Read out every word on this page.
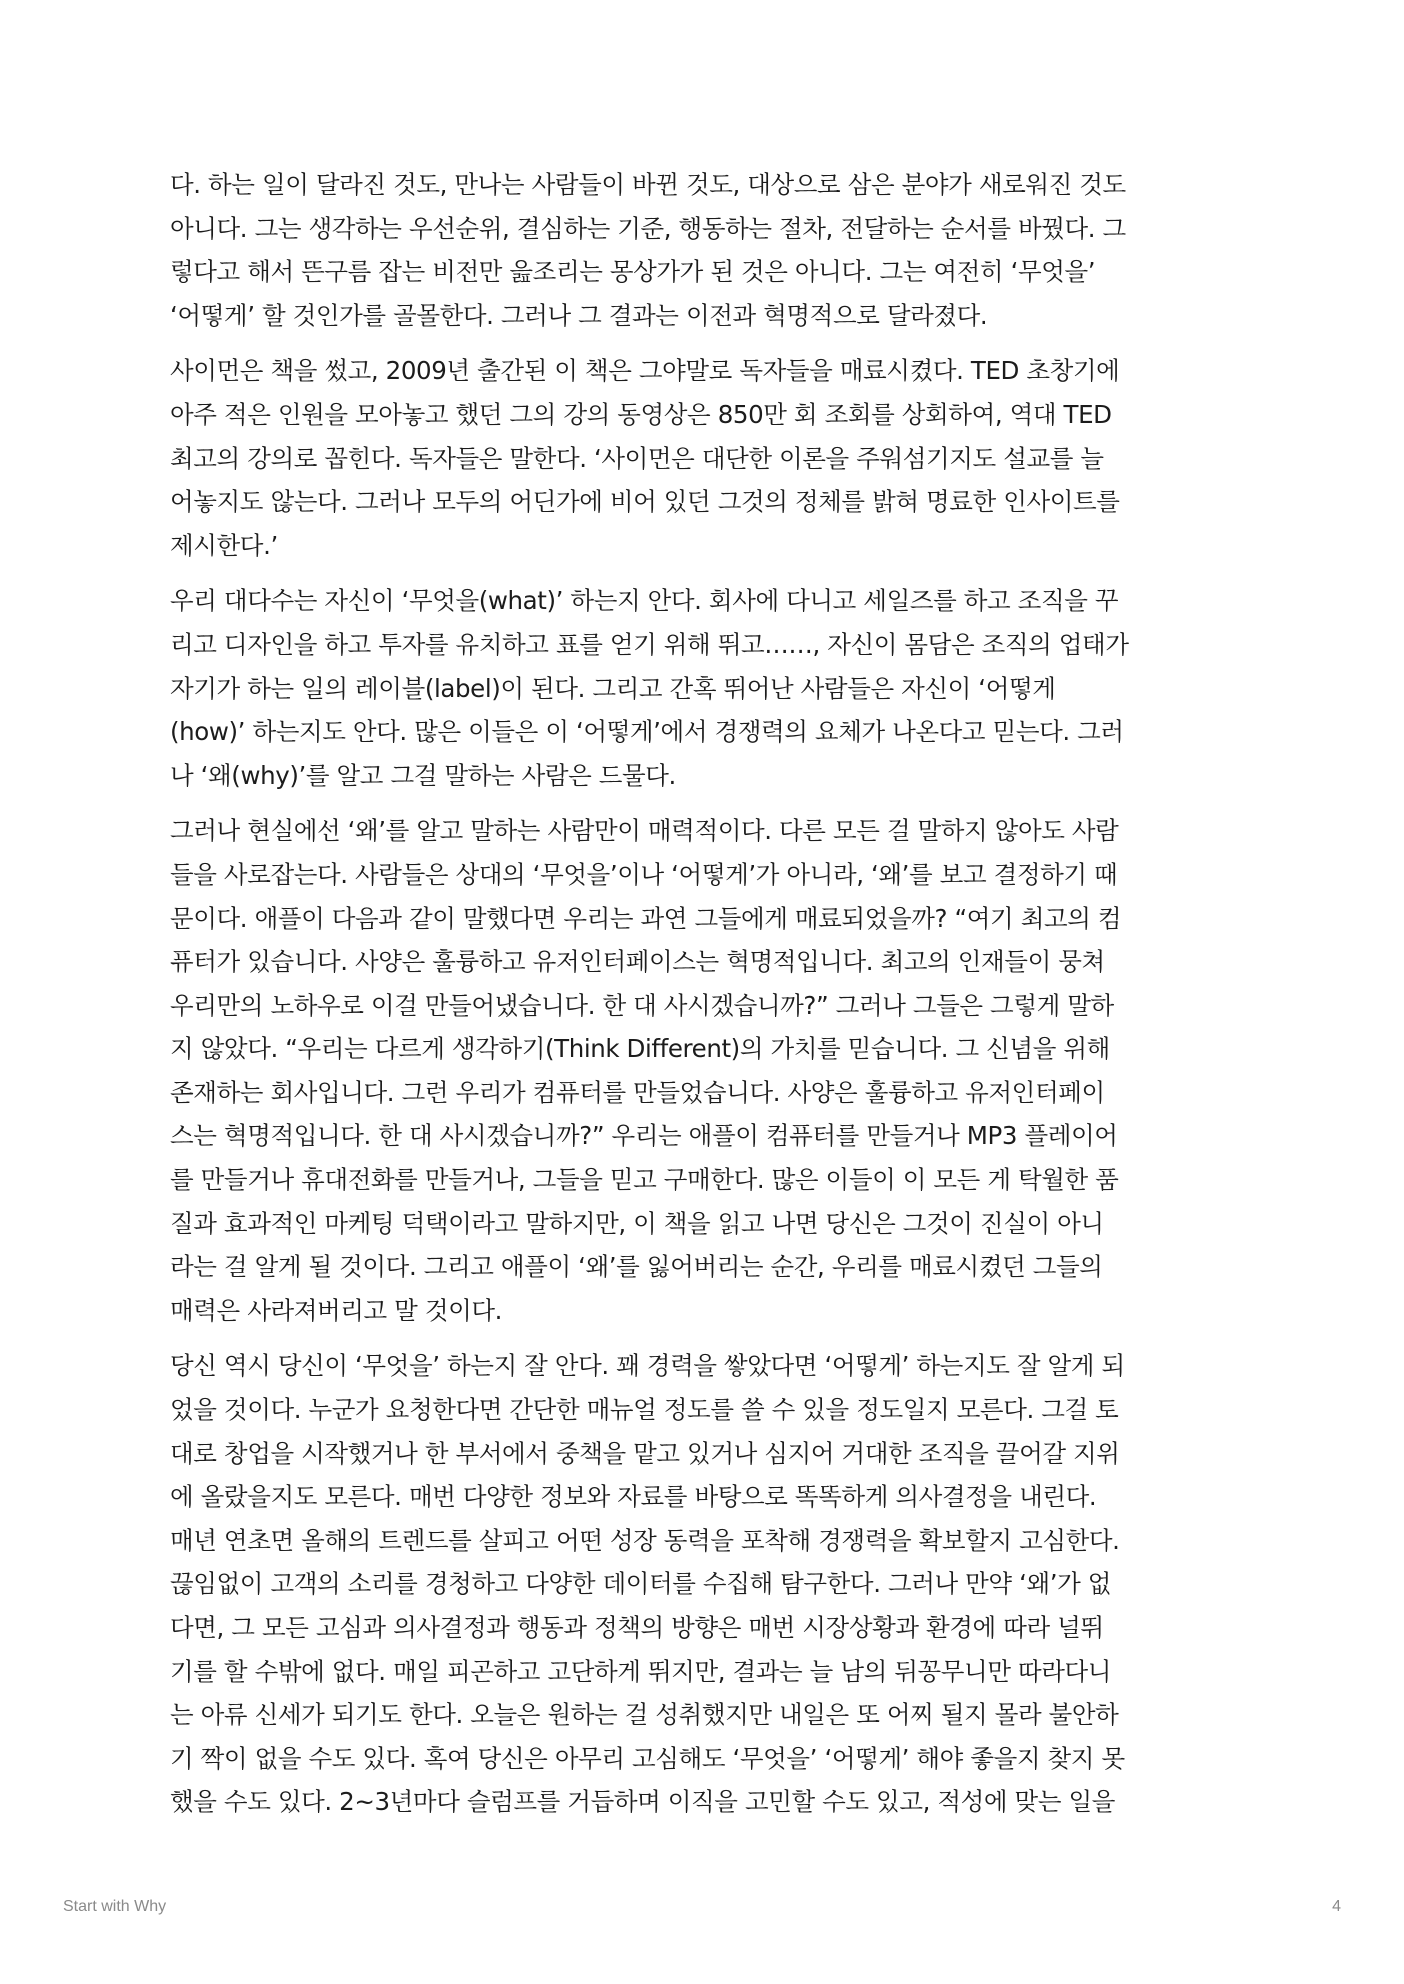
다. 하는 일이 달라진 것도, 만나는 사람들이 바뀐 것도, 대상으로 삼은 분야가 새로워진 것도
아니다. 그는 생각하는 우선순위, 결심하는 기준, 행동하는 절차, 전달하는 순서를 바꿨다. 그
렇다고 해서 뜬구름 잡는 비전만 읊조리는 몽상가가 된 것은 아니다. 그는 여전히 ‘무엇을’
‘어떻게’ 할 것인가를 골몰한다. 그러나 그 결과는 이전과 혁명적으로 달라졌다.
사이먼은 책을 썼고, 2009년 출간된 이 책은 그야말로 독자들을 매료시켰다. TED 초창기에
아주 적은 인원을 모아놓고 했던 그의 강의 동영상은 850만 회 조회를 상회하여, 역대 TED
최고의 강의로 꼽힌다. 독자들은 말한다. ‘사이먼은 대단한 이론을 주워섬기지도 설교를 늘
어놓지도 않는다. 그러나 모두의 어딘가에 비어 있던 그것의 정체를 밝혀 명료한 인사이트를
제시한다.’
우리 대다수는 자신이 ‘무엇을(what)’ 하는지 안다. 회사에 다니고 세일즈를 하고 조직을 꾸
리고 디자인을 하고 투자를 유치하고 표를 얻기 위해 뛰고……, 자신이 몸담은 조직의 업태가
자기가 하는 일의 레이블(label)이 된다. 그리고 간혹 뛰어난 사람들은 자신이 ‘어떻게
(how)’ 하는지도 안다. 많은 이들은 이 ‘어떻게’에서 경쟁력의 요체가 나온다고 믿는다. 그러
나 ‘왜(why)’를 알고 그걸 말하는 사람은 드물다.
그러나 현실에선 ‘왜’를 알고 말하는 사람만이 매력적이다. 다른 모든 걸 말하지 않아도 사람
들을 사로잡는다. 사람들은 상대의 ‘무엇을’이나 ‘어떻게’가 아니라, ‘왜’를 보고 결정하기 때
문이다. 애플이 다음과 같이 말했다면 우리는 과연 그들에게 매료되었을까? “여기 최고의 컴
퓨터가 있습니다. 사양은 훌륭하고 유저인터페이스는 혁명적입니다. 최고의 인재들이 뭉쳐
우리만의 노하우로 이걸 만들어냈습니다. 한 대 사시겠습니까?” 그러나 그들은 그렇게 말하
지 않았다. “우리는 다르게 생각하기(Think Different)의 가치를 믿습니다. 그 신념을 위해
존재하는 회사입니다. 그런 우리가 컴퓨터를 만들었습니다. 사양은 훌륭하고 유저인터페이
스는 혁명적입니다. 한 대 사시겠습니까?” 우리는 애플이 컴퓨터를 만들거나 MP3 플레이어
를 만들거나 휴대전화를 만들거나, 그들을 믿고 구매한다. 많은 이들이 이 모든 게 탁월한 품
질과 효과적인 마케팅 덕택이라고 말하지만, 이 책을 읽고 나면 당신은 그것이 진실이 아니
라는 걸 알게 될 것이다. 그리고 애플이 ‘왜’를 잃어버리는 순간, 우리를 매료시켰던 그들의
매력은 사라져버리고 말 것이다.
당신 역시 당신이 ‘무엇을’ 하는지 잘 안다. 꽤 경력을 쌓았다면 ‘어떻게’ 하는지도 잘 알게 되
었을 것이다. 누군가 요청한다면 간단한 매뉴얼 정도를 쓸 수 있을 정도일지 모른다. 그걸 토
대로 창업을 시작했거나 한 부서에서 중책을 맡고 있거나 심지어 거대한 조직을 끌어갈 지위
에 올랐을지도 모른다. 매번 다양한 정보와 자료를 바탕으로 똑똑하게 의사결정을 내린다.
매년 연초면 올해의 트렌드를 살피고 어떤 성장 동력을 포착해 경쟁력을 확보할지 고심한다.
끊임없이 고객의 소리를 경청하고 다양한 데이터를 수집해 탐구한다. 그러나 만약 ‘왜’가 없
다면, 그 모든 고심과 의사결정과 행동과 정책의 방향은 매번 시장상황과 환경에 따라 널뛰
기를 할 수밖에 없다. 매일 피곤하고 고단하게 뛰지만, 결과는 늘 남의 뒤꽁무니만 따라다니
는 아류 신세가 되기도 한다. 오늘은 원하는 걸 성취했지만 내일은 또 어찌 될지 몰라 불안하
기 짝이 없을 수도 있다. 혹여 당신은 아무리 고심해도 ‘무엇을’ ‘어떻게’ 해야 좋을지 찾지 못
했을 수도 있다. 2~3년마다 슬럼프를 거듭하며 이직을 고민할 수도 있고, 적성에 맞는 일을
Start with Why	4
